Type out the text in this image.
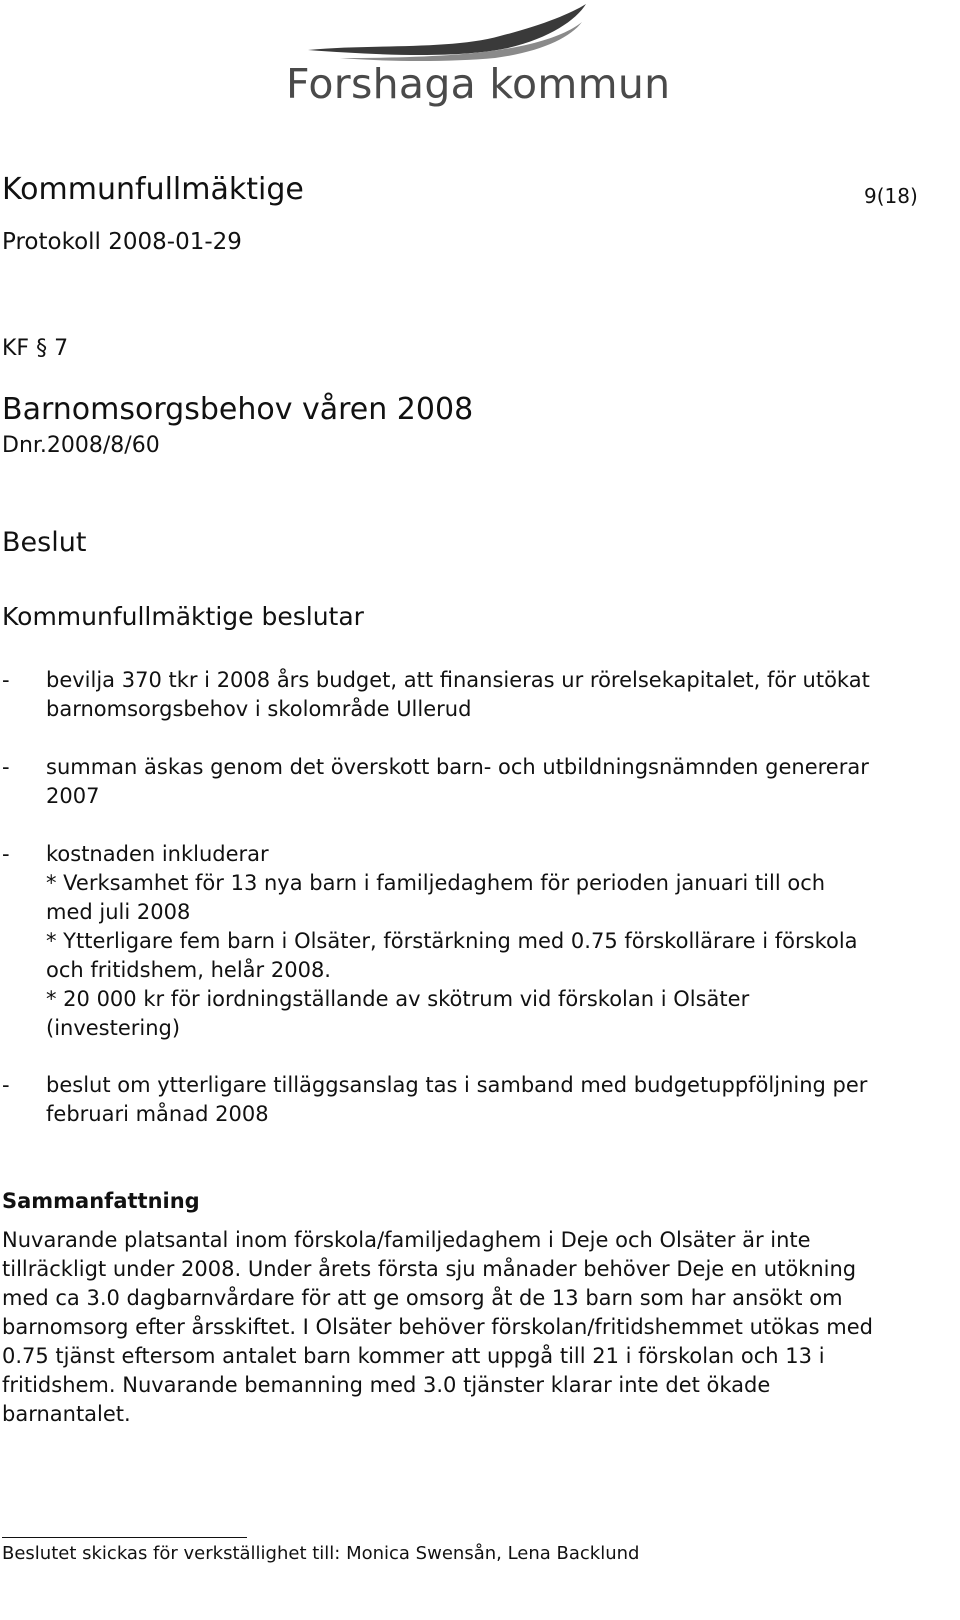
Forshaga kommun
Kommunfullmäktige	9(18)
Protokoll 2008-01-29
KF § 7
Barnomsorgsbehov våren 2008
Dnr.2008/8/60
Beslut
Kommunfullmäktige beslutar
- bevilja 370 tkr i 2008 års budget, att finansieras ur rörelsekapitalet, för utökat
barnomsorgsbehov i skolområde Ullerud
- summan äskas genom det överskott barn- och utbildningsnämnden genererar
2007
- kostnaden inkluderar
* Verksamhet för 13 nya barn i familjedaghem för perioden januari till och
med juli 2008
* Ytterligare fem barn i Olsäter, förstärkning med 0.75 förskollärare i förskola
och fritidshem, helår 2008.
* 20 000 kr för iordningställande av skötrum vid förskolan i Olsäter
(investering)
- beslut om ytterligare tilläggsanslag tas i samband med budgetuppföljning per
februari månad 2008
Sammanfattning
Nuvarande platsantal inom förskola/familjedaghem i Deje och Olsäter är inte
tillräckligt under 2008. Under årets första sju månader behöver Deje en utökning
med ca 3.0 dagbarnvårdare för att ge omsorg åt de 13 barn som har ansökt om
barnomsorg efter årsskiftet. I Olsäter behöver förskolan/fritidshemmet utökas med
0.75 tjänst eftersom antalet barn kommer att uppgå till 21 i förskolan och 13 i
fritidshem. Nuvarande bemanning med 3.0 tjänster klarar inte det ökade
barnantalet.
Beslutet skickas för verkställighet till: Monica Swensån, Lena Backlund
